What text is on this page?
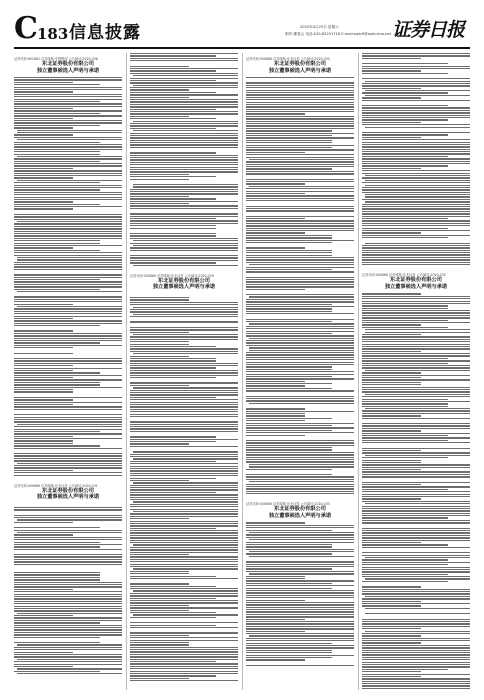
C 183 信息披露	2020年4月25日 星期六
制作:董春云 电话:010-83251716 E-mail:zqrb9@zqrb.sina.net 证券日报
证券代码:601881 证券简称:中国银河 公告编号:2020-038
东北证券股份有限公司
独立董事候选人声明与承诺
证券代码:000686 证券简称:东北证券 公告编号:2020-031
东北证券股份有限公司
独立董事候选人声明与承诺
证券代码:000686 证券简称:东北证券 公告编号:2020-029
东北证券股份有限公司
独立董事候选人声明与承诺
证券代码:000686 证券简称:东北证券 公告编号:2020-030
东北证券股份有限公司
独立董事候选人声明与承诺
证券代码:000686 证券简称:东北证券 公告编号:2020-033
东北证券股份有限公司
独立董事候选人声明与承诺
证券代码:000686 证券简称:东北证券 公告编号:2020-032
东北证券股份有限公司
独立董事候选人声明与承诺
